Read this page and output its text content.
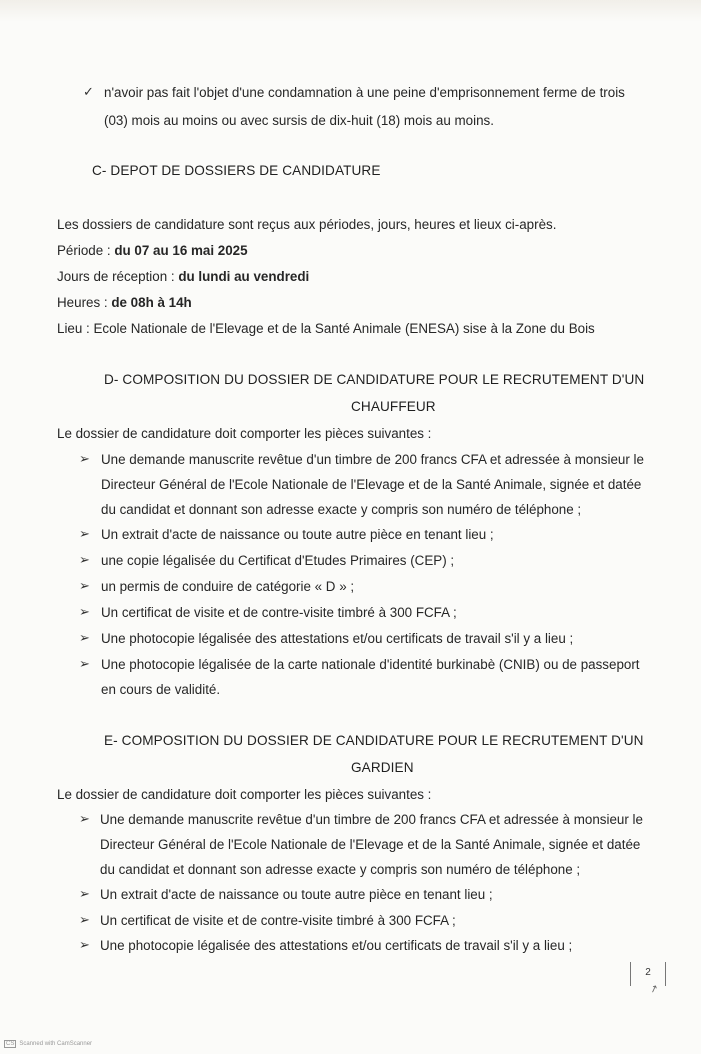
✓ n'avoir pas fait l'objet d'une condamnation à une peine d'emprisonnement ferme de trois
(03) mois au moins ou avec sursis de dix-huit (18) mois au moins.
C- DEPOT DE DOSSIERS DE CANDIDATURE
Les dossiers de candidature sont reçus aux périodes, jours, heures et lieux ci-après.
Période : du 07 au 16 mai 2025
Jours de réception : du lundi au vendredi
Heures : de 08h à 14h
Lieu : Ecole Nationale de l'Elevage et de la Santé Animale (ENESA) sise à la Zone du Bois
D- COMPOSITION DU DOSSIER DE CANDIDATURE POUR LE RECRUTEMENT D'UN
CHAUFFEUR
Le dossier de candidature doit comporter les pièces suivantes :
➢ Une demande manuscrite revêtue d'un timbre de 200 francs CFA et adressée à monsieur le
Directeur Général de l'Ecole Nationale de l'Elevage et de la Santé Animale, signée et datée
du candidat et donnant son adresse exacte y compris son numéro de téléphone ;
➢ Un extrait d'acte de naissance ou toute autre pièce en tenant lieu ;
➢ une copie légalisée du Certificat d'Etudes Primaires (CEP) ;
➢ un permis de conduire de catégorie « D » ;
➢ Un certificat de visite et de contre-visite timbré à 300 FCFA ;
➢ Une photocopie légalisée des attestations et/ou certificats de travail s'il y a lieu ;
➢ Une photocopie légalisée de la carte nationale d'identité burkinabè (CNIB) ou de passeport
en cours de validité.
E- COMPOSITION DU DOSSIER DE CANDIDATURE POUR LE RECRUTEMENT D'UN
GARDIEN
Le dossier de candidature doit comporter les pièces suivantes :
➢ Une demande manuscrite revêtue d'un timbre de 200 francs CFA et adressée à monsieur le
Directeur Général de l'Ecole Nationale de l'Elevage et de la Santé Animale, signée et datée
du candidat et donnant son adresse exacte y compris son numéro de téléphone ;
➢ Un extrait d'acte de naissance ou toute autre pièce en tenant lieu ;
➢ Un certificat de visite et de contre-visite timbré à 300 FCFA ;
➢ Une photocopie légalisée des attestations et/ou certificats de travail s'il y a lieu ;
2
↗
CS Scanned with CamScanner
